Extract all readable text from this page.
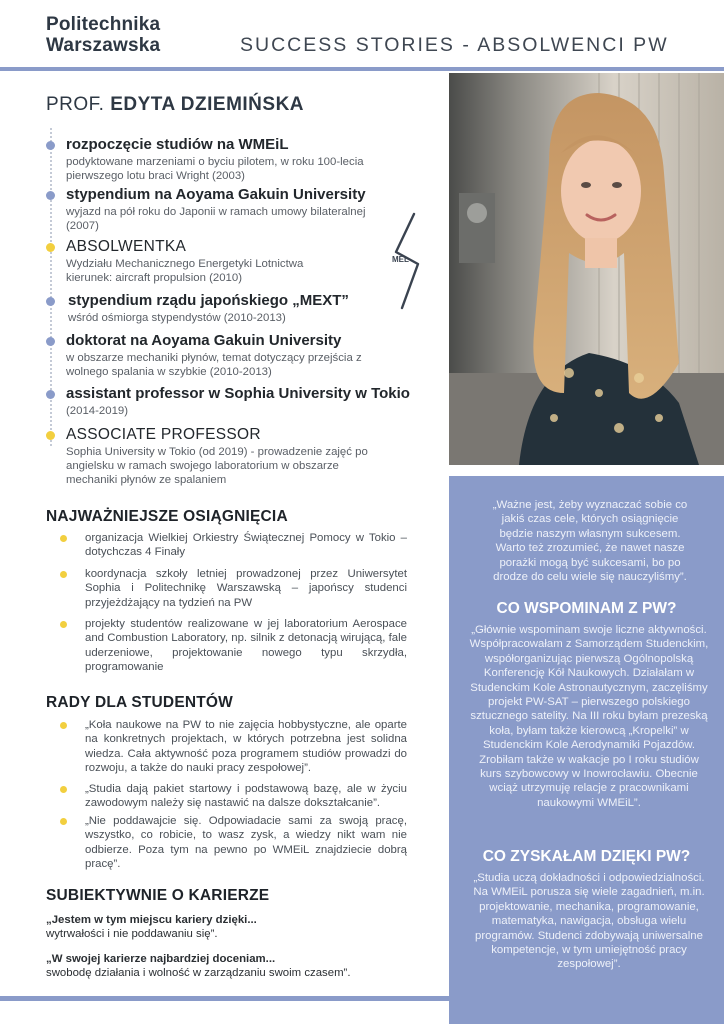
Politechnika
Warszawska	SUCCESS STORIES - ABSOLWENCI PW
PROF. EDYTA DZIEMIŃSKA
rozpoczęcie studiów na WMEiL
podyktowane marzeniami o byciu pilotem, w roku 100-lecia pierwszego lotu braci Wright (2003)
stypendium na Aoyama Gakuin University
wyjazd na pół roku do Japonii w ramach umowy bilateralnej (2007)
ABSOLWENTKA
Wydziału Mechanicznego Energetyki Lotnictwa kierunek: aircraft propulsion (2010)
stypendium rządu japońskiego „MEXT”
wśród ośmiorga stypendystów (2010-2013)
doktorat na Aoyama Gakuin University
w obszarze mechaniki płynów, temat dotyczący przejścia z wolnego spalania w szybkie (2010-2013)
assistant professor w Sophia University w Tokio
(2014-2019)
ASSOCIATE PROFESSOR
Sophia University w Tokio (od 2019) - prowadzenie zajęć po angielsku w ramach swojego laboratorium w obszarze mechaniki płynów ze spalaniem
MEL
„Ważne jest, żeby wyznaczać sobie co jakiś czas cele, których osiągnięcie będzie naszym własnym sukcesem. Warto też zrozumieć, że nawet nasze porażki mogą być sukcesami, bo po drodze do celu wiele się nauczyliśmy”.
CO WSPOMINAM Z PW?
„Głównie wspominam swoje liczne aktywności. Współpracowałam z Samorządem Studenckim, współorganizując pierwszą Ogólnopolską Konferencję Kół Naukowych. Działałam w Studenckim Kole Astronautycznym, zaczęliśmy projekt PW-SAT – pierwszego polskiego sztucznego satelity. Na III roku byłam prezeską koła, byłam także kierowcą „Kropelki” w Studenckim Kole Aerodynamiki Pojazdów. Zrobiłam także w wakacje po I roku studiów kurs szybowcowy w Inowrocławiu. Obecnie wciąż utrzymuję relacje z pracownikami naukowymi WMEiL”.
CO ZYSKAŁAM DZIĘKI PW?
„Studia uczą dokładności i odpowiedzialności. Na WMEiL porusza się wiele zagadnień, m.in. projektowanie, mechanika, programowanie, matematyka, nawigacja, obsługa wielu programów. Studenci zdobywają uniwersalne kompetencje, w tym umiejętność pracy zespołowej”.
NAJWAŻNIEJSZE OSIĄGNIĘCIA
organizacja Wielkiej Orkiestry Świątecznej Pomocy w Tokio – dotychczas 4 Finały
koordynacja szkoły letniej prowadzonej przez Uniwersytet Sophia i Politechnikę Warszawską – japońscy studenci przyjeżdżający na tydzień na PW
projekty studentów realizowane w jej laboratorium Aerospace and Combustion Laboratory, np. silnik z detonacją wirującą, fale uderzeniowe, projektowanie nowego typu skrzydła, programowanie
RADY DLA STUDENTÓW
„Koła naukowe na PW to nie zajęcia hobbystyczne, ale oparte na konkretnych projektach, w których potrzebna jest solidna wiedza. Cała aktywność poza programem studiów prowadzi do rozwoju, a także do nauki pracy zespołowej”.
„Studia dają pakiet startowy i podstawową bazę, ale w życiu zawodowym należy się nastawić na dalsze dokształcanie”.
„Nie poddawajcie się. Odpowiadacie sami za swoją pracę, wszystko, co robicie, to wasz zysk, a wiedzy nikt wam nie odbierze. Poza tym na pewno po WMEiL znajdziecie dobrą pracę”.
SUBIEKTYWNIE O KARIERZE
„Jestem w tym miejscu kariery dzięki...
wytrwałości i nie poddawaniu się”.
„W swojej karierze najbardziej doceniam...
swobodę działania i wolność w zarządzaniu swoim czasem”.
